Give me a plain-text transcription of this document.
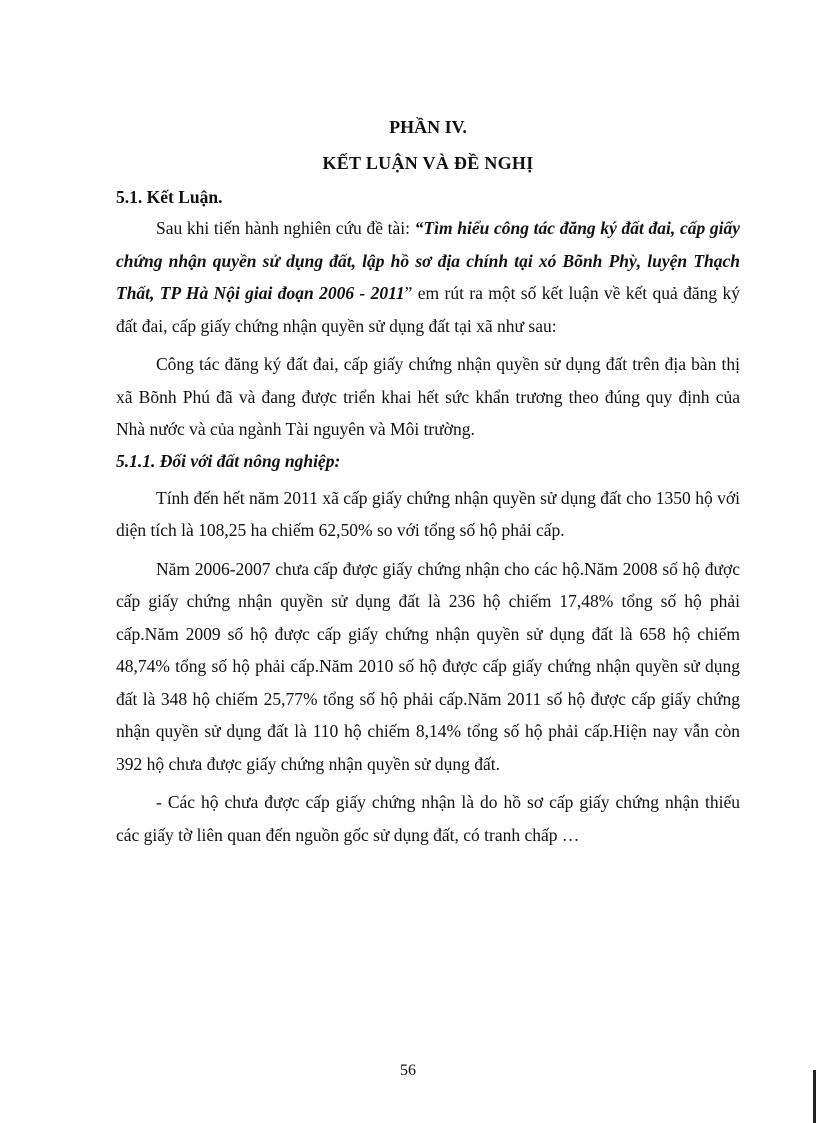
PHẦN IV.
KẾT LUẬN VÀ ĐỀ NGHỊ
5.1. Kết Luận.

Sau khi tiến hành nghiên cứu đề tài: “Tìm hiểu công tác đăng ký đất đai, cấp giấy chứng nhận quyền sử dụng đất, lập hồ sơ địa chính tại xó Bõnh Phỳ, luyện Thạch Thất, TP Hà Nội giai đoạn 2006 - 2011” em rút ra một số kết luận về kết quả đăng ký đất đai, cấp giấy chứng nhận quyền sử dụng đất tại xã như sau:

Công tác đăng ký đất đai, cấp giấy chứng nhận quyền sử dụng đất trên địa bàn thị xã Bõnh Phú đã và đang được triển khai hết sức khẩn trương theo đúng quy định của Nhà nước và của ngành Tài nguyên và Môi trường.

5.1.1. Đối với đất nông nghiệp:

Tính đến hết năm 2011 xã cấp giấy chứng nhận quyền sử dụng đất cho 1350 hộ với diện tích là 108,25 ha chiếm 62,50% so với tổng số hộ phải cấp.

Năm 2006-2007 chưa cấp được giấy chứng nhận cho các hộ.Năm 2008 số hộ được cấp giấy chứng nhận quyền sử dụng đất là 236 hộ chiếm 17,48% tổng số hộ phải cấp.Năm 2009 số hộ được cấp giấy chứng nhận quyền sử dụng đất là 658 hộ chiếm 48,74% tổng số hộ phải cấp.Năm 2010 số hộ được cấp giấy chứng nhận quyền sử dụng đất là 348 hộ chiếm 25,77% tổng số hộ phải cấp.Năm 2011 số hộ được cấp giấy chứng nhận quyền sử dụng đất là 110 hộ chiếm 8,14% tổng số hộ phải cấp.Hiện nay vẫn còn 392 hộ chưa được giấy chứng nhận quyền sử dụng đất.

- Các hộ chưa được cấp giấy chứng nhận là do hồ sơ cấp giấy chứng nhận thiếu các giấy tờ liên quan đến nguồn gốc sử dụng đất, có tranh chấp …

56
